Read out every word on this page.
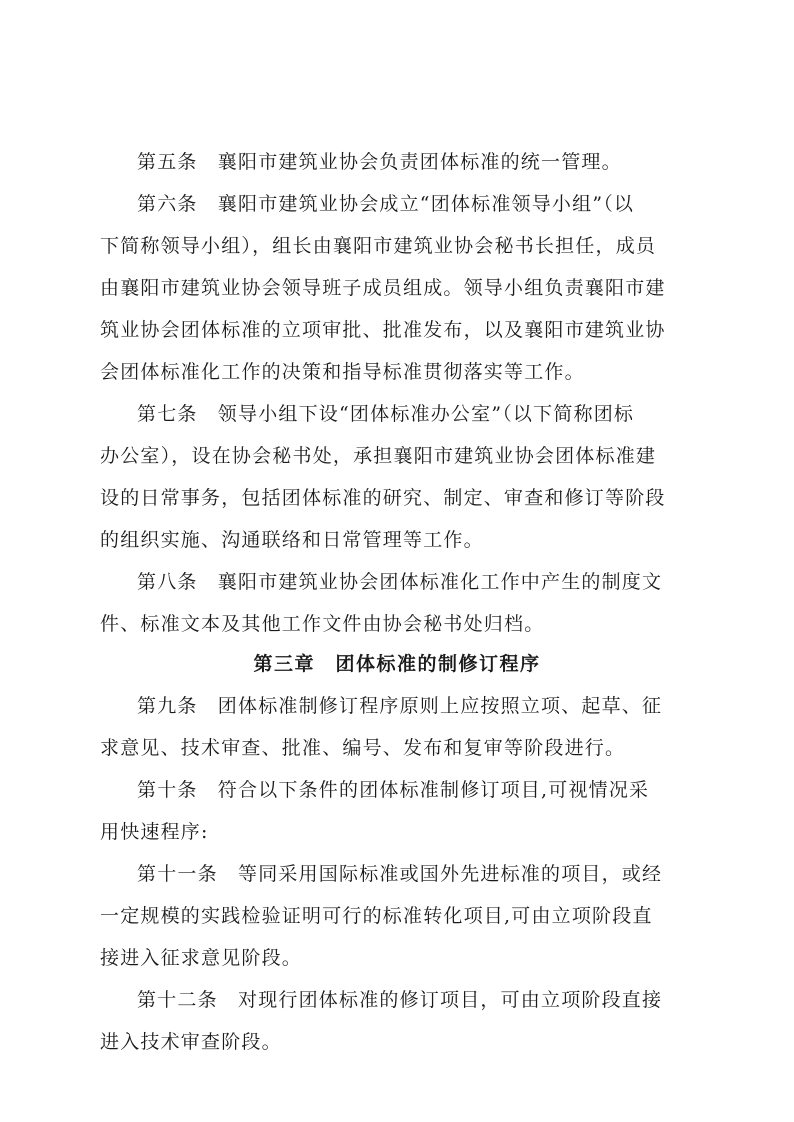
第五条　襄阳市建筑业协会负责团体标准的统一管理。
第六条　襄阳市建筑业协会成立“团体标准领导小组”（以
下简称领导小组），组长由襄阳市建筑业协会秘书长担任，成员
由襄阳市建筑业协会领导班子成员组成。领导小组负责襄阳市建
筑业协会团体标准的立项审批、批准发布，以及襄阳市建筑业协
会团体标准化工作的决策和指导标准贯彻落实等工作。
第七条　领导小组下设“团体标准办公室”（以下简称团标
办公室），设在协会秘书处，承担襄阳市建筑业协会团体标准建
设的日常事务，包括团体标准的研究、制定、审查和修订等阶段
的组织实施、沟通联络和日常管理等工作。
第八条　襄阳市建筑业协会团体标准化工作中产生的制度文
件、标准文本及其他工作文件由协会秘书处归档。
第三章　团体标准的制修订程序
第九条　团体标准制修订程序原则上应按照立项、起草、征
求意见、技术审查、批准、编号、发布和复审等阶段进行。
第十条　符合以下条件的团体标准制修订项目,可视情况采
用快速程序:
第十一条　等同采用国际标准或国外先进标准的项目，或经
一定规模的实践检验证明可行的标准转化项目,可由立项阶段直
接进入征求意见阶段。
第十二条　对现行团体标准的修订项目，可由立项阶段直接
进入技术审查阶段。
